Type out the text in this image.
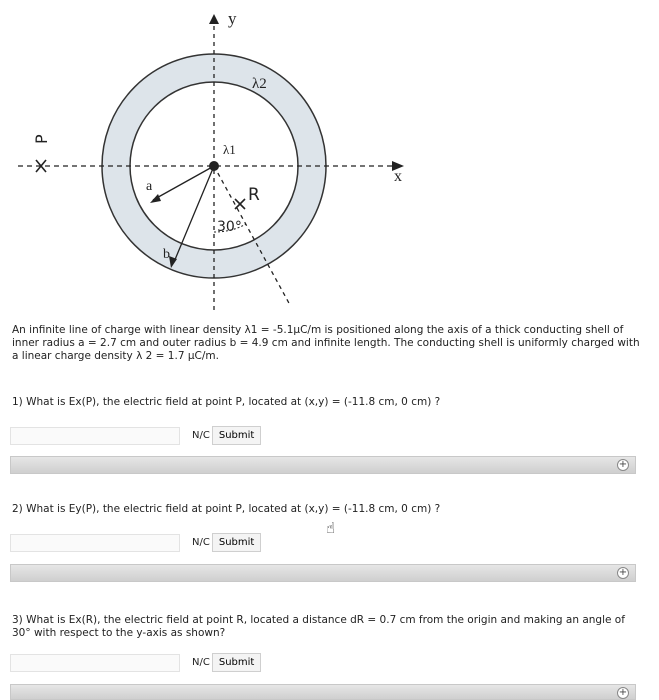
y
x
λ2
λ1
P
R
a
b
30°
An infinite line of charge with linear density λ1 = -5.1μC/m is positioned along the axis of a thick conducting shell of inner radius a = 2.7 cm and outer radius b = 4.9 cm and infinite length. The conducting shell is uniformly charged with a linear charge density λ 2 = 1.7 μC/m.
1) What is Ex(P), the electric field at point P, located at (x,y) = (-11.8 cm, 0 cm) ?
N/C Submit
+
2) What is Ey(P), the electric field at point P, located at (x,y) = (-11.8 cm, 0 cm) ?
N/C Submit
+
☝
3) What is Ex(R), the electric field at point R, located a distance dR = 0.7 cm from the origin and making an angle of 30° with respect to the y-axis as shown?
N/C Submit
+
